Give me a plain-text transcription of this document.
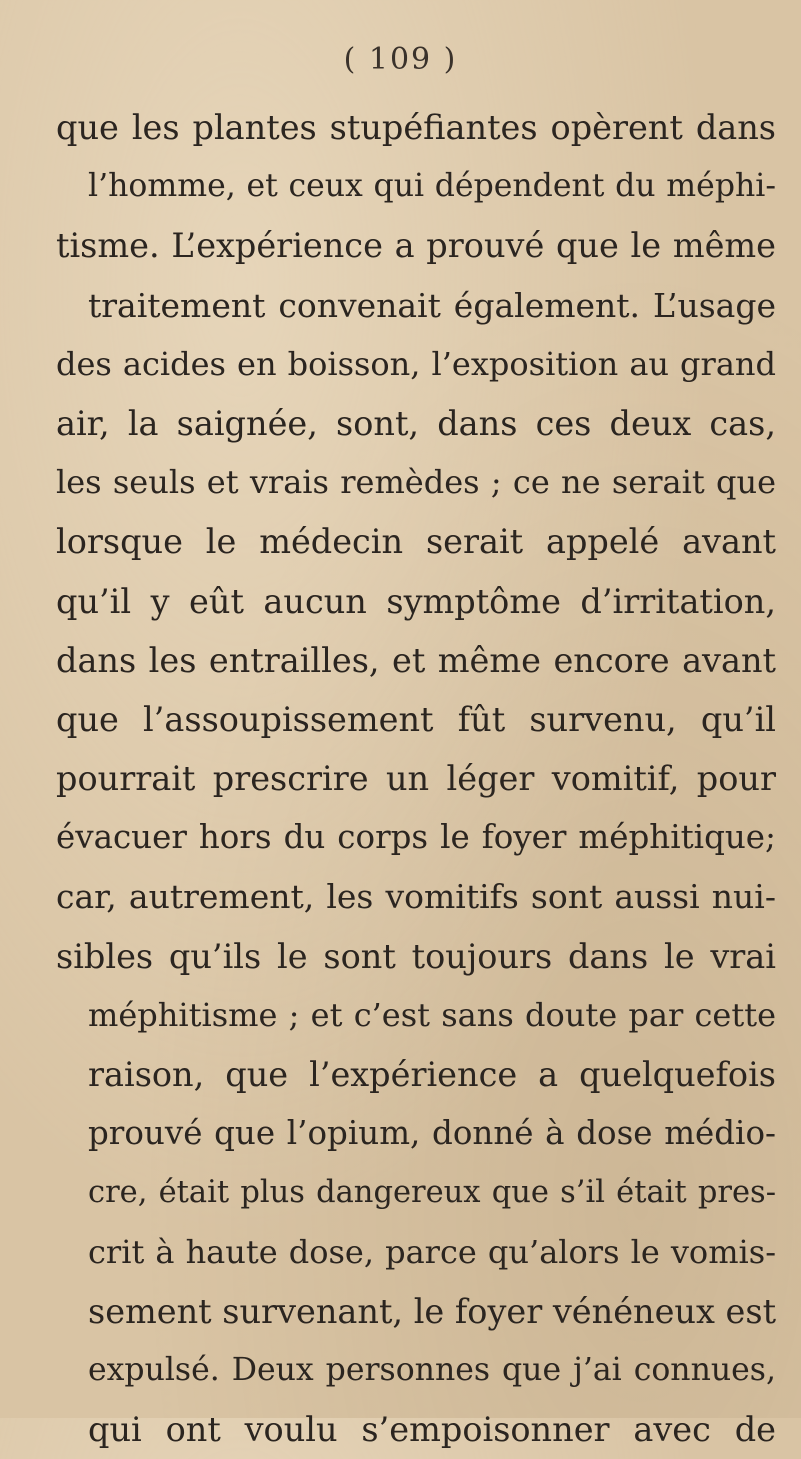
( 109 )

que les plantes stupéfiantes opèrent dans
l’homme, et ceux qui dépendent du méphi-
tisme. L’expérience a prouvé que le même
traitement convenait également. L’usage
des acides en boisson, l’exposition au grand
air, la saignée, sont, dans ces deux cas,
les seuls et vrais remèdes ; ce ne serait que
lorsque le médecin serait appelé avant
qu’il y eût aucun symptôme d’irritation,
dans les entrailles, et même encore avant
que l’assoupissement fût survenu, qu’il
pourrait prescrire un léger vomitif, pour
évacuer hors du corps le foyer méphitique;
car, autrement, les vomitifs sont aussi nui-
sibles qu’ils le sont toujours dans le vrai
méphitisme ; et c’est sans doute par cette
raison, que l’expérience a quelquefois
prouvé que l’opium, donné à dose médio-
cre, était plus dangereux que s’il était pres-
crit à haute dose, parce qu’alors le vomis-
sement survenant, le foyer vénéneux est
expulsé. Deux personnes que j’ai connues,
qui ont voulu s’empoisonner avec de
